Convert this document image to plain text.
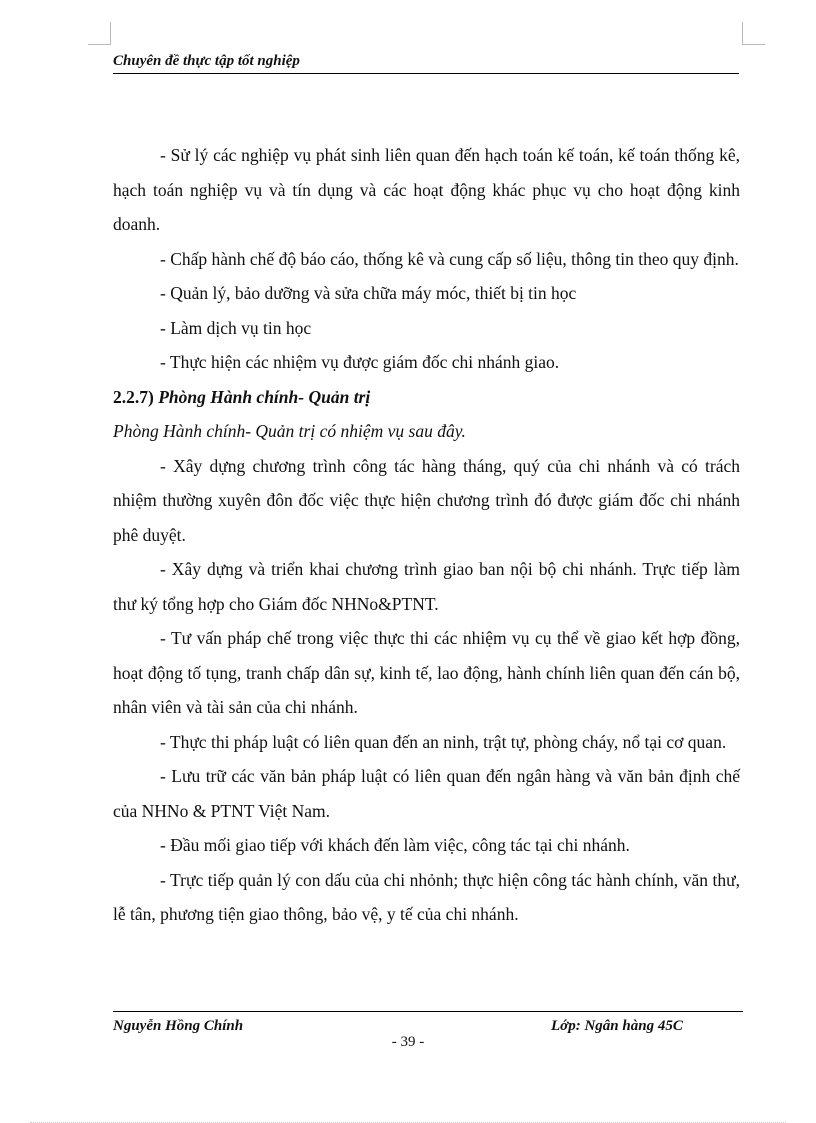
Chuyên đề thực tập tốt nghiệp

- Sử lý các nghiệp vụ phát sinh liên quan đến hạch toán kế toán, kế toán thống kê, hạch toán nghiệp vụ và tín dụng và các hoạt động khác phục vụ cho hoạt động kinh doanh.

- Chấp hành chế độ báo cáo, thống kê và cung cấp số liệu, thông tin theo quy định.

- Quản lý, bảo dưỡng và sửa chữa máy móc, thiết bị tin học

- Làm dịch vụ tin học

- Thực hiện các nhiệm vụ được giám đốc chi nhánh giao.

2.2.7) Phòng Hành chính- Quản trị

Phòng Hành chính- Quản trị có nhiệm vụ sau đây.

- Xây dựng chương trình công tác hàng tháng, quý của chi nhánh và có trách nhiệm thường xuyên đôn đốc việc thực hiện chương trình đó được giám đốc chi nhánh phê duyệt.

- Xây dựng và triển khai chương trình giao ban nội bộ chi nhánh. Trực tiếp làm thư ký tổng hợp cho Giám đốc NHNo&PTNT.

- Tư vấn pháp chế trong việc thực thi các nhiệm vụ cụ thể về giao kết hợp đồng, hoạt động tố tụng, tranh chấp dân sự, kinh tế, lao động, hành chính liên quan đến cán bộ, nhân viên và tài sản của chi nhánh.

- Thực thi pháp luật có liên quan đến an ninh, trật tự, phòng cháy, nổ tại cơ quan.

- Lưu trữ các văn bản pháp luật có liên quan đến ngân hàng và văn bản định chế của NHNo & PTNT Việt Nam.

- Đầu mối giao tiếp với khách đến làm việc, công tác tại chi nhánh.

- Trực tiếp quản lý con dấu của chi nhỏnh; thực hiện công tác hành chính, văn thư, lễ tân, phương tiện giao thông, bảo vệ, y tế của chi nhánh.

Nguyễn Hồng Chính	Lớp: Ngân hàng 45C
- 39 -
